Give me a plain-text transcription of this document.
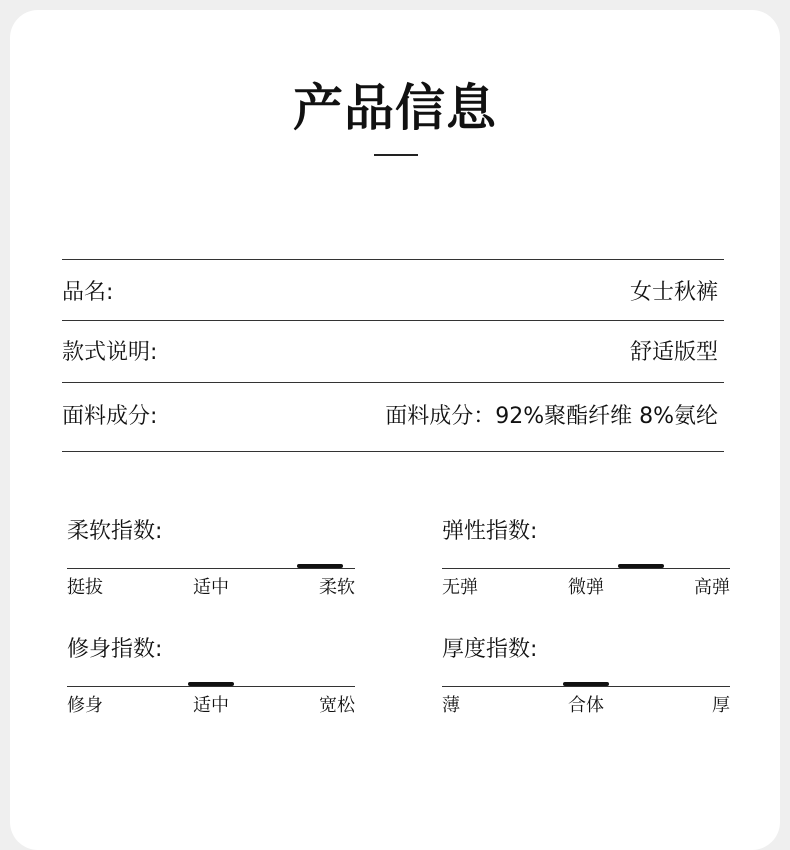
产品信息
品名:	女士秋裤
款式说明:	舒适版型
面料成分:	面料成分：92%聚酯纤维 8%氨纶
柔软指数:
挺拔	适中	柔软
弹性指数:
无弹	微弹	高弹
修身指数:
修身	适中	宽松
厚度指数:
薄	合体	厚
